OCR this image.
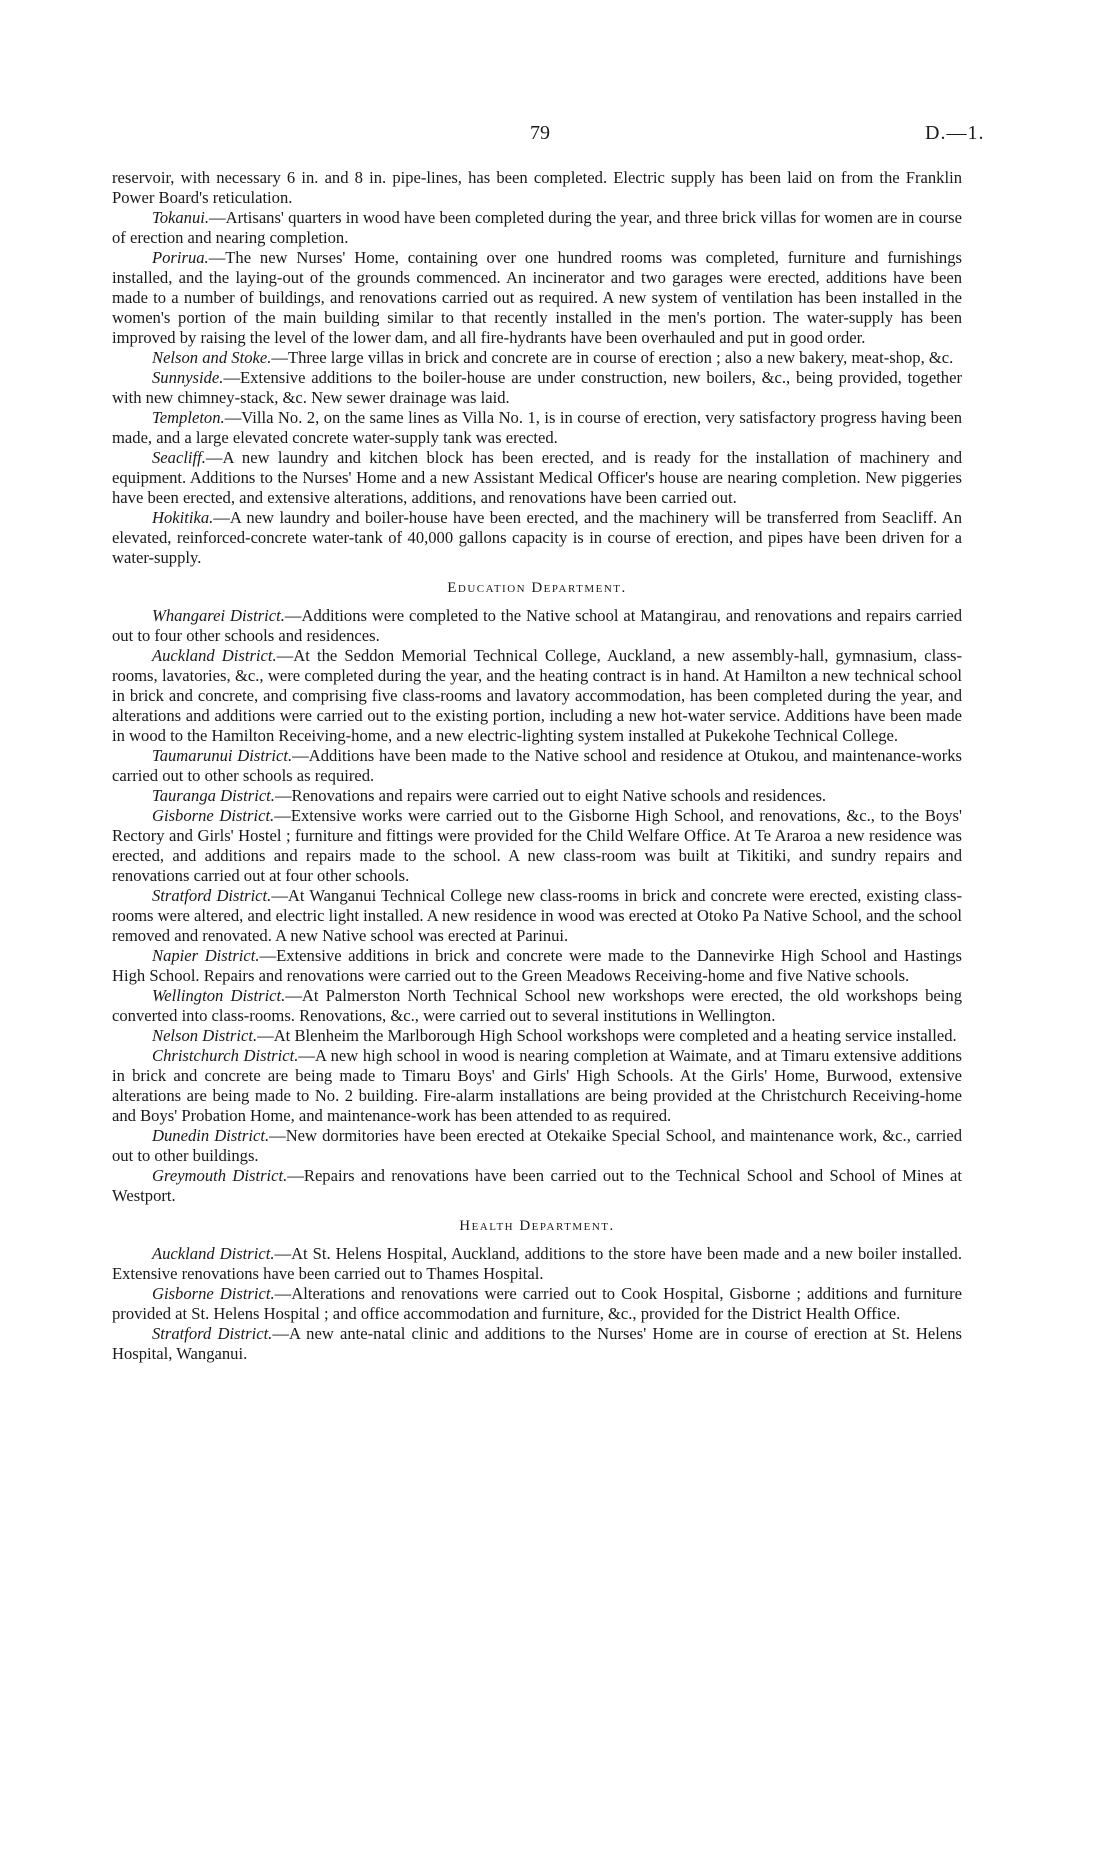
79	D.—1.

reservoir, with necessary 6 in. and 8 in. pipe-lines, has been completed. Electric supply has been laid on from the Franklin Power Board's reticulation.

Tokanui.—Artisans' quarters in wood have been completed during the year, and three brick villas for women are in course of erection and nearing completion.

Porirua.—The new Nurses' Home, containing over one hundred rooms was completed, furniture and furnishings installed, and the laying-out of the grounds commenced. An incinerator and two garages were erected, additions have been made to a number of buildings, and renovations carried out as required. A new system of ventilation has been installed in the women's portion of the main building similar to that recently installed in the men's portion. The water-supply has been improved by raising the level of the lower dam, and all fire-hydrants have been overhauled and put in good order.

Nelson and Stoke.—Three large villas in brick and concrete are in course of erection ; also a new bakery, meat-shop, &c.

Sunnyside.—Extensive additions to the boiler-house are under construction, new boilers, &c., being provided, together with new chimney-stack, &c. New sewer drainage was laid.

Templeton.—Villa No. 2, on the same lines as Villa No. 1, is in course of erection, very satisfactory progress having been made, and a large elevated concrete water-supply tank was erected.

Seacliff.—A new laundry and kitchen block has been erected, and is ready for the installation of machinery and equipment. Additions to the Nurses' Home and a new Assistant Medical Officer's house are nearing completion. New piggeries have been erected, and extensive alterations, additions, and renovations have been carried out.

Hokitika.—A new laundry and boiler-house have been erected, and the machinery will be transferred from Seacliff. An elevated, reinforced-concrete water-tank of 40,000 gallons capacity is in course of erection, and pipes have been driven for a water-supply.

Education Department.

Whangarei District.—Additions were completed to the Native school at Matangirau, and renovations and repairs carried out to four other schools and residences.

Auckland District.—At the Seddon Memorial Technical College, Auckland, a new assembly-hall, gymnasium, class-rooms, lavatories, &c., were completed during the year, and the heating contract is in hand. At Hamilton a new technical school in brick and concrete, and comprising five class-rooms and lavatory accommodation, has been completed during the year, and alterations and additions were carried out to the existing portion, including a new hot-water service. Additions have been made in wood to the Hamilton Receiving-home, and a new electric-lighting system installed at Pukekohe Technical College.

Taumarunui District.—Additions have been made to the Native school and residence at Otukou, and maintenance-works carried out to other schools as required.

Tauranga District.—Renovations and repairs were carried out to eight Native schools and residences.

Gisborne District.—Extensive works were carried out to the Gisborne High School, and renovations, &c., to the Boys' Rectory and Girls' Hostel ; furniture and fittings were provided for the Child Welfare Office. At Te Araroa a new residence was erected, and additions and repairs made to the school. A new class-room was built at Tikitiki, and sundry repairs and renovations carried out at four other schools.

Stratford District.—At Wanganui Technical College new class-rooms in brick and concrete were erected, existing class-rooms were altered, and electric light installed. A new residence in wood was erected at Otoko Pa Native School, and the school removed and renovated. A new Native school was erected at Parinui.

Napier District.—Extensive additions in brick and concrete were made to the Dannevirke High School and Hastings High School. Repairs and renovations were carried out to the Green Meadows Receiving-home and five Native schools.

Wellington District.—At Palmerston North Technical School new workshops were erected, the old workshops being converted into class-rooms. Renovations, &c., were carried out to several institutions in Wellington.

Nelson District.—At Blenheim the Marlborough High School workshops were completed and a heating service installed.

Christchurch District.—A new high school in wood is nearing completion at Waimate, and at Timaru extensive additions in brick and concrete are being made to Timaru Boys' and Girls' High Schools. At the Girls' Home, Burwood, extensive alterations are being made to No. 2 building. Fire-alarm installations are being provided at the Christchurch Receiving-home and Boys' Probation Home, and maintenance-work has been attended to as required.

Dunedin District.—New dormitories have been erected at Otekaike Special School, and maintenance work, &c., carried out to other buildings.

Greymouth District.—Repairs and renovations have been carried out to the Technical School and School of Mines at Westport.

Health Department.

Auckland District.—At St. Helens Hospital, Auckland, additions to the store have been made and a new boiler installed. Extensive renovations have been carried out to Thames Hospital.

Gisborne District.—Alterations and renovations were carried out to Cook Hospital, Gisborne ; additions and furniture provided at St. Helens Hospital ; and office accommodation and furniture, &c., provided for the District Health Office.

Stratford District.—A new ante-natal clinic and additions to the Nurses' Home are in course of erection at St. Helens Hospital, Wanganui.
